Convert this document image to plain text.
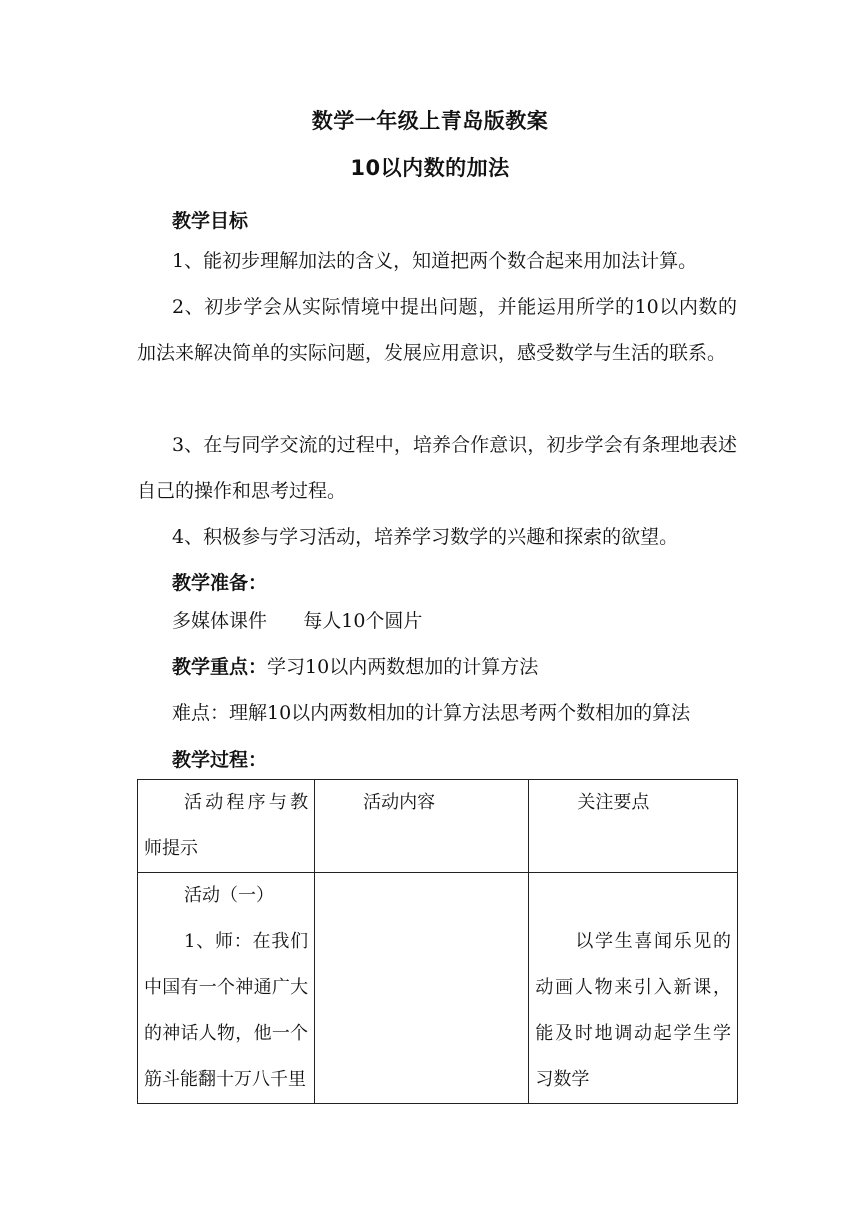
数学一年级上青岛版教案
10以内数的加法
教学目标
1、能初步理解加法的含义，知道把两个数合起来用加法计算。
2、初步学会从实际情境中提出问题，并能运用所学的10以内数的加法来解决简单的实际问题，发展应用意识，感受数学与生活的联系。
3、在与同学交流的过程中，培养合作意识，初步学会有条理地表述自己的操作和思考过程。
4、积极参与学习活动，培养学习数学的兴趣和探索的欲望。
教学准备：
多媒体课件      每人10个圆片
教学重点：学习10以内两数想加的计算方法
难点：理解10以内两数相加的计算方法思考两个数相加的算法
教学过程：
活动程序与教师提示	活动内容	关注要点

活动（一）
1、师：在我们中国有一个神通广大的神话人物，他一个筋斗能翻十万八千里		以学生喜闻乐见的动画人物来引入新课，能及时地调动起学生学习数学
